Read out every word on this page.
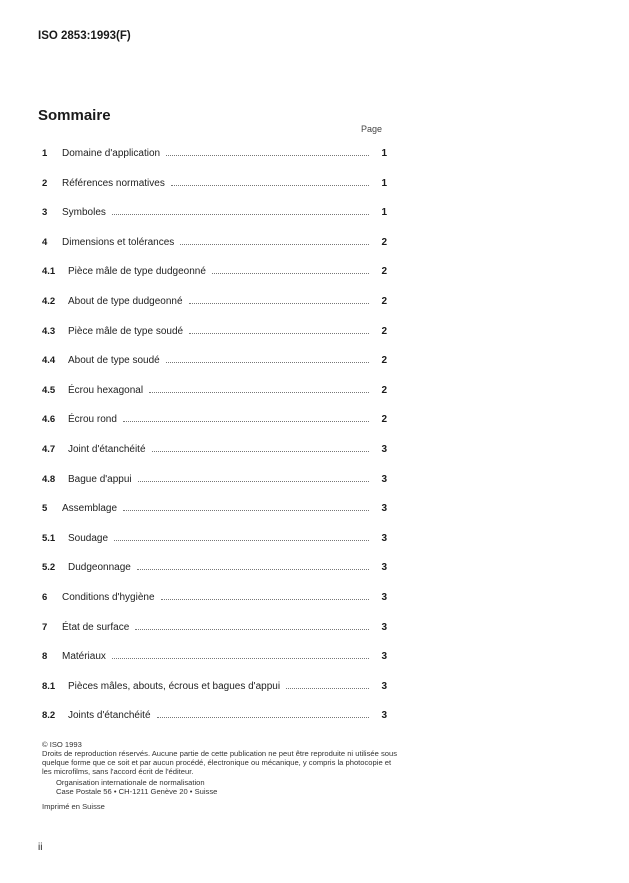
ISO 2853:1993(F)
Sommaire
Page
1	Domaine d'application	1
2	Références normatives	1
3	Symboles	1
4	Dimensions et tolérances	2
4.1	Pièce mâle de type dudgeonné	2
4.2	About de type dudgeonné	2
4.3	Pièce mâle de type soudé	2
4.4	About de type soudé	2
4.5	Écrou hexagonal	2
4.6	Écrou rond	2
4.7	Joint d'étanchéité	3
4.8	Bague d'appui	3
5	Assemblage	3
5.1	Soudage	3
5.2	Dudgeonnage	3
6	Conditions d'hygiène	3
7	État de surface	3
8	Matériaux	3
8.1	Pièces mâles, abouts, écrous et bagues d'appui	3
8.2	Joints d'étanchéité	3

© ISO 1993

Droits de reproduction réservés. Aucune partie de cette publication ne peut être reproduite ni utilisée sous quelque forme que ce soit et par aucun procédé, électronique ou mécanique, y compris la photocopie et les microfilms, sans l'accord écrit de l'éditeur.

Organisation internationale de normalisation

Case Postale 56 • CH-1211 Genève 20 • Suisse

Imprimé en Suisse

ii
